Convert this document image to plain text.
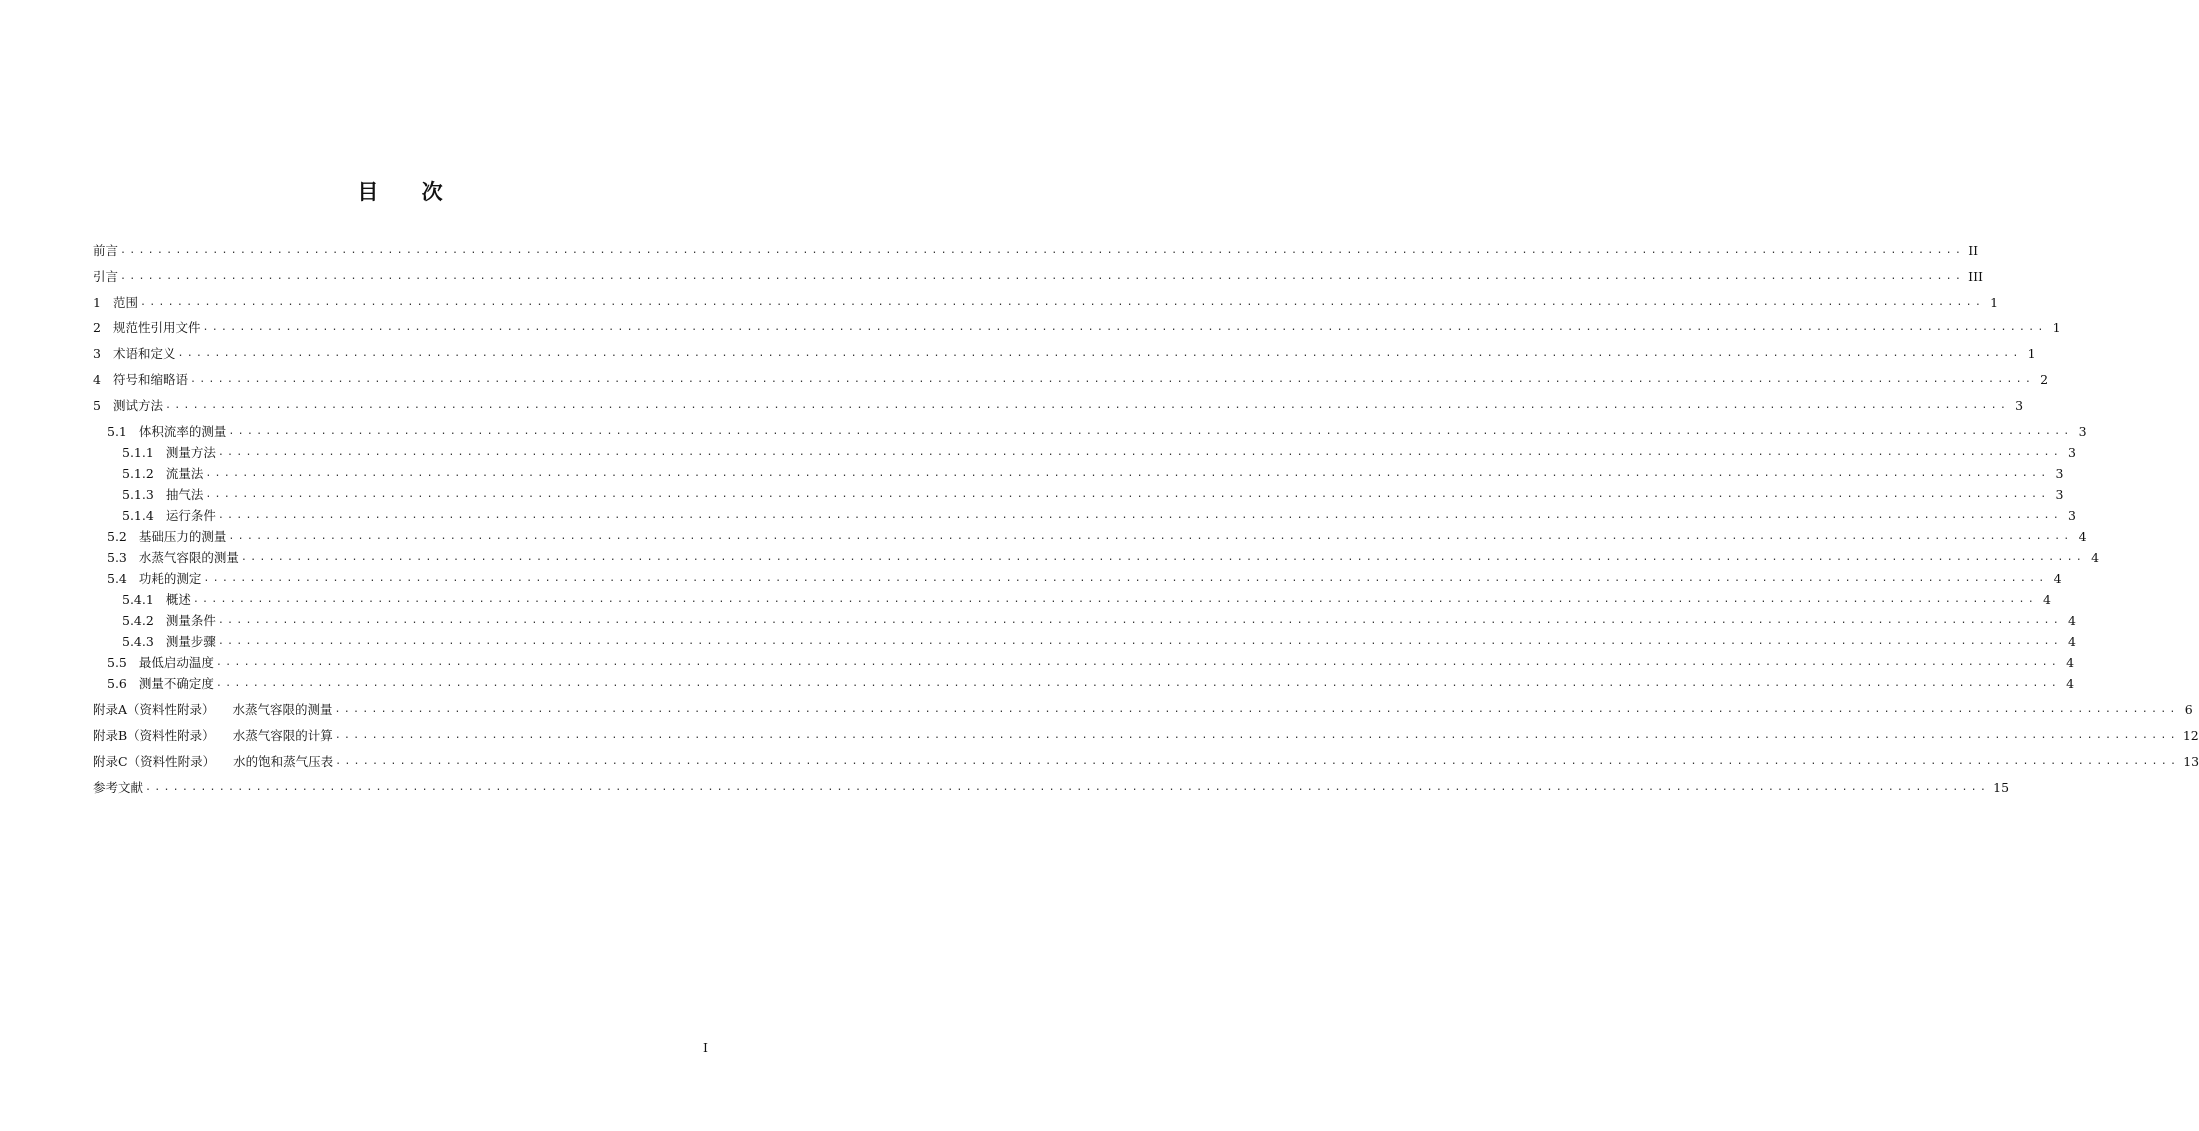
目 次
前言 ........................................................................................................................................................................................................ II
引言 ........................................................................................................................................................................................................ III
1 范围 ........................................................................................................................................................................................................ 1
2 规范性引用文件 ........................................................................................................................................................................................................ 1
3 术语和定义 ........................................................................................................................................................................................................ 1
4 符号和缩略语 ........................................................................................................................................................................................................ 2
5 测试方法 ........................................................................................................................................................................................................ 3
5.1 体积流率的测量 ........................................................................................................................................................................................................ 3
5.1.1 测量方法 ........................................................................................................................................................................................................ 3
5.1.2 流量法 ........................................................................................................................................................................................................ 3
5.1.3 抽气法 ........................................................................................................................................................................................................ 3
5.1.4 运行条件 ........................................................................................................................................................................................................ 3
5.2 基础压力的测量 ........................................................................................................................................................................................................ 4
5.3 水蒸气容限的测量 ........................................................................................................................................................................................................ 4
5.4 功耗的测定 ........................................................................................................................................................................................................ 4
5.4.1 概述 ........................................................................................................................................................................................................ 4
5.4.2 测量条件 ........................................................................................................................................................................................................ 4
5.4.3 测量步骤 ........................................................................................................................................................................................................ 4
5.5 最低启动温度 ........................................................................................................................................................................................................ 4
5.6 测量不确定度 ........................................................................................................................................................................................................ 4
附录A（资料性附录） 水蒸气容限的测量 ........................................................................................................................................................................................................ 6
附录B（资料性附录） 水蒸气容限的计算 ........................................................................................................................................................................................................ 12
附录C（资料性附录） 水的饱和蒸气压表 ........................................................................................................................................................................................................ 13
参考文献 ........................................................................................................................................................................................................ 15
I
